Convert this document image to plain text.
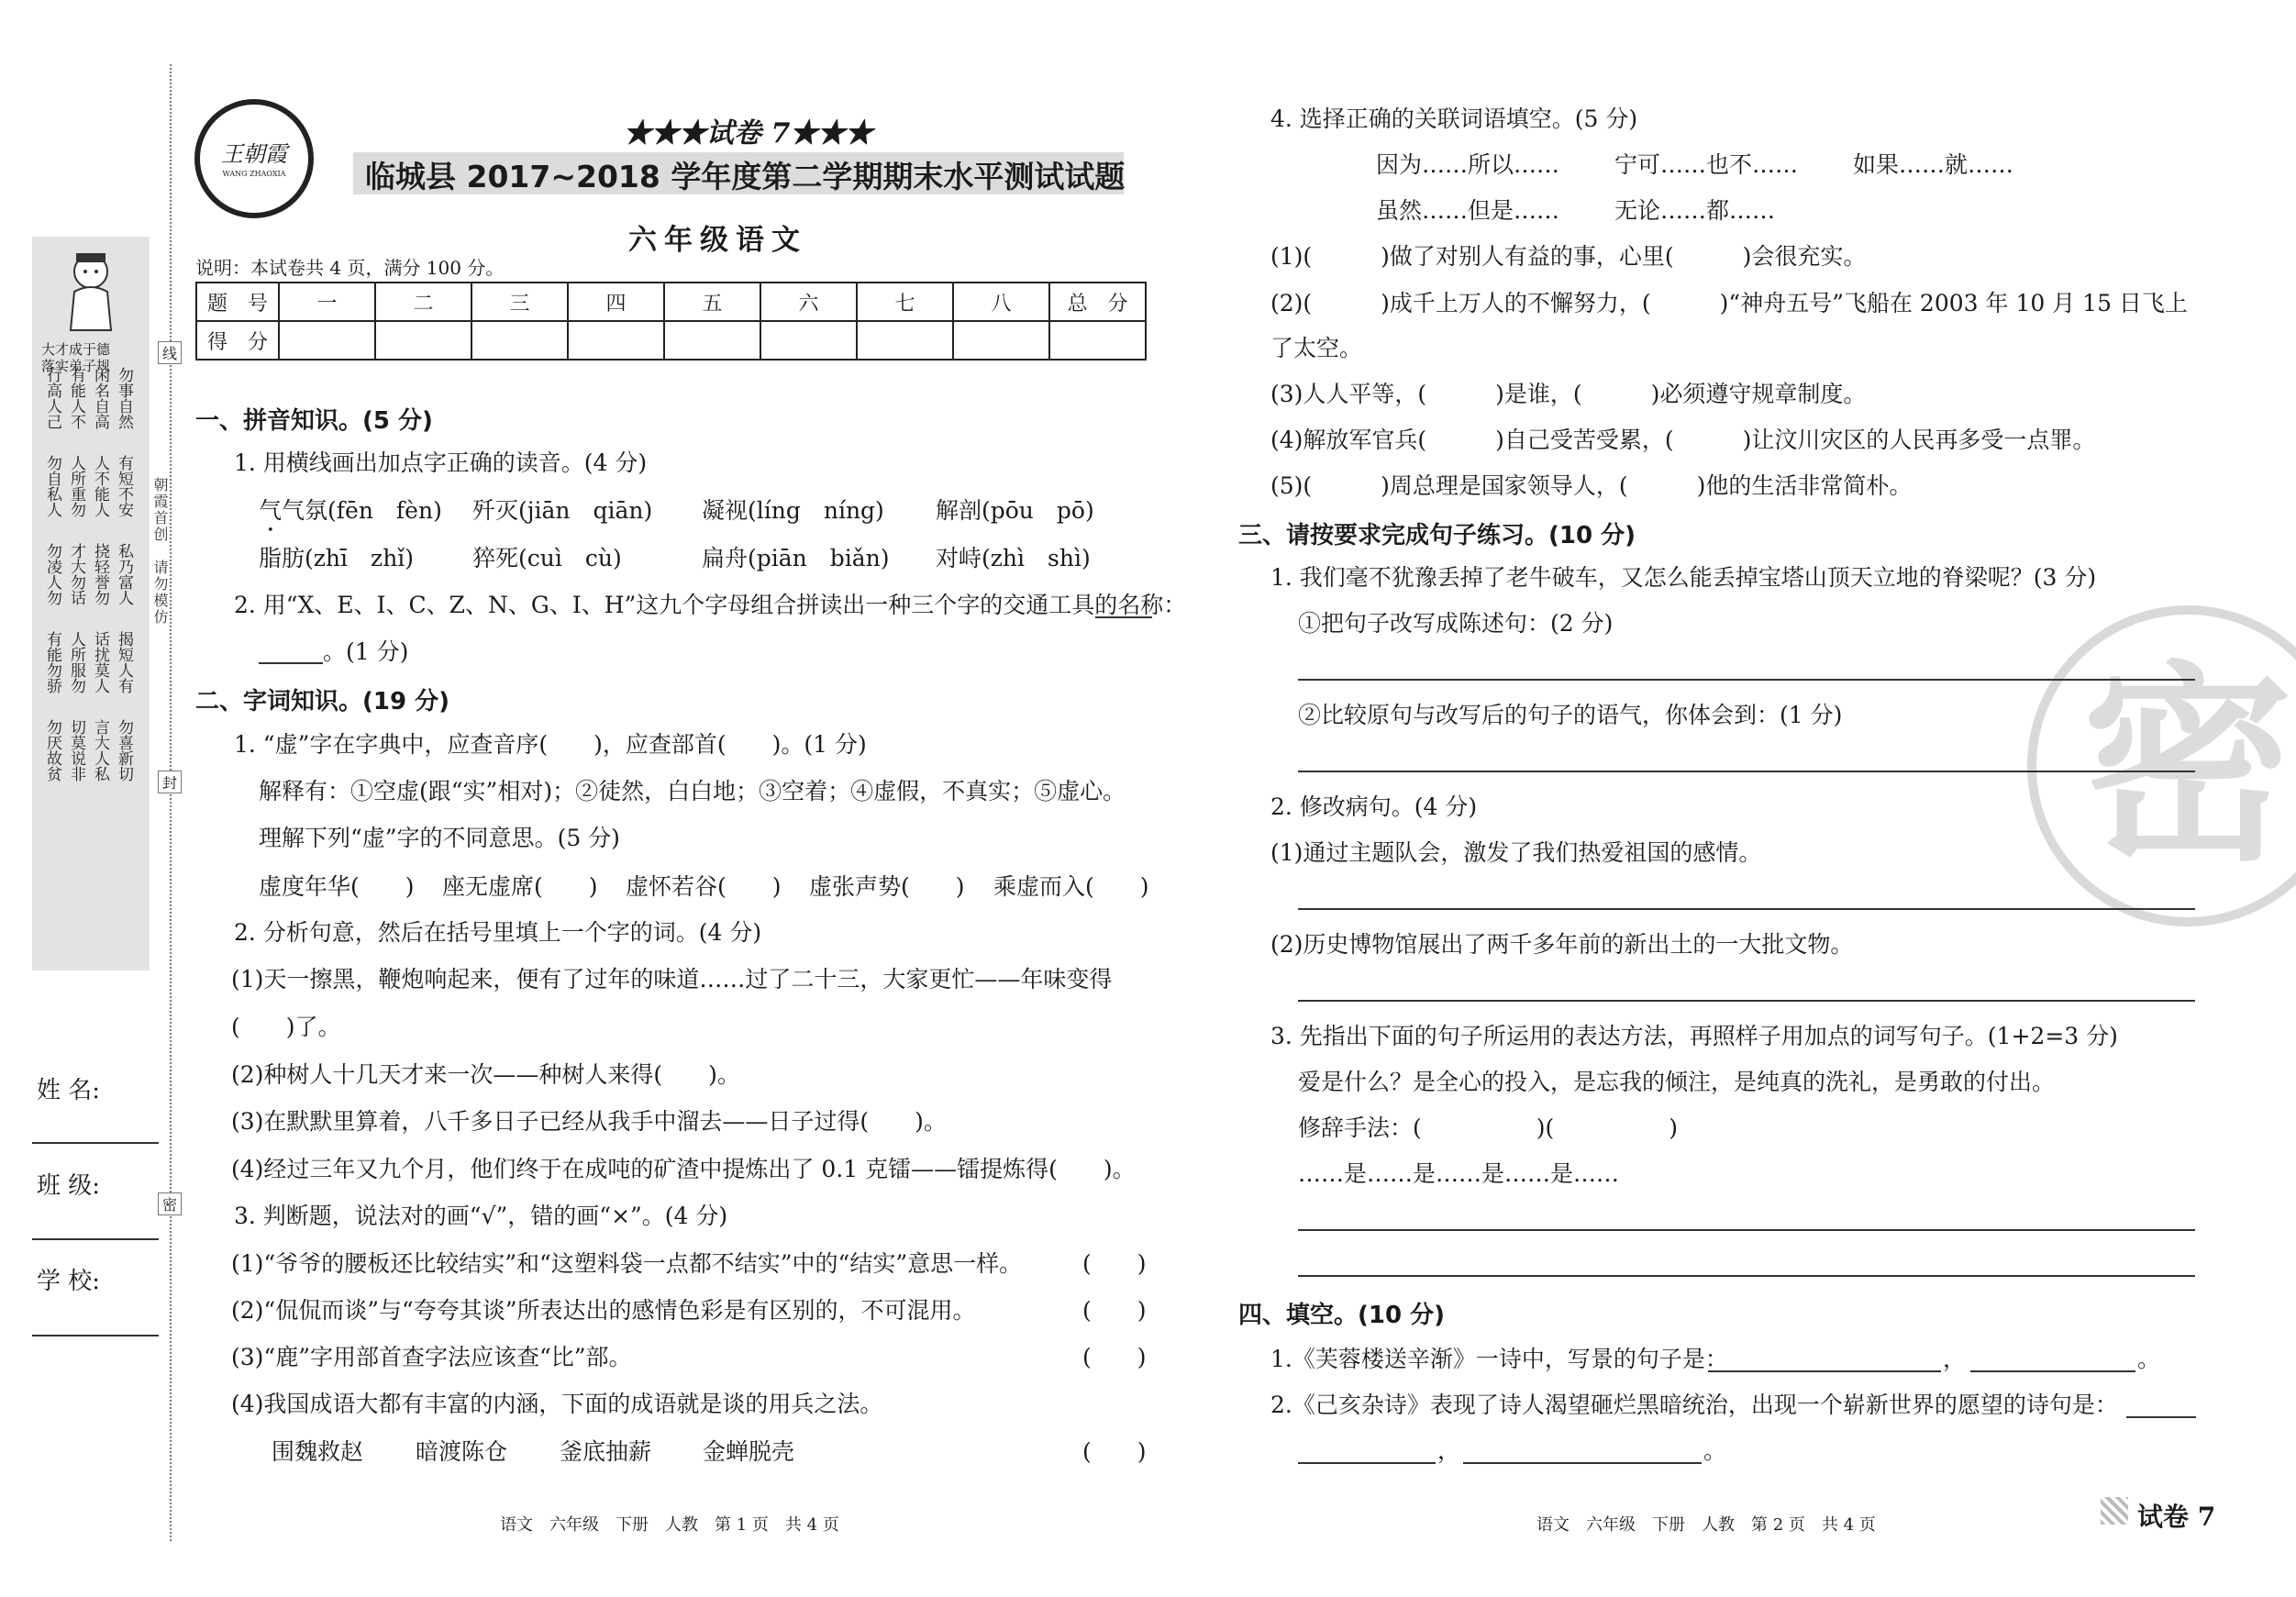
大才成于德
落实弟子规
行高人己 有能人不 闲名自高 勿事自然
勿自私人 人所重勿 人不能人 有短不安
勿凌人勿 才大勿话 挠轻誉勿 私乃富人
有能勿骄 人所服勿 话扰莫人 揭短人有
勿厌故贫 切莫说非 言大人私 勿喜新切
线
封
密
朝霞首创　请勿模仿
姓 名:
班 级:
学 校:
王朝霞
WANG ZHAOXIA
★★★试卷 7★★★
临城县 2017~2018 学年度第二学期期末水平测试试题
六年级语文
说明：本试卷共 4 页，满分 100 分。
题　号	一	二	三	四	五	六	七	八	总　分
得　分									
一、拼音知识。(5 分)
1. 用横线画出加点字正确的读音。(4 分)
气气氛(fēn　fèn) 歼灭(jiān　qiān) 凝视(líng　níng) 解剖(pōu　pō)
脂肪(zhī　zhǐ)	猝死(cuì　cù)	扁舟(piān　biǎn) 对峙(zhì　shì)
2. 用“X、E、I、C、Z、N、G、I、H”这九个字母组合拼读出一种三个字的交通工具的名称：
。(1 分)
二、字词知识。(19 分)
1. “虚”字在字典中，应查音序(　　)，应查部首(　　)。(1 分)
解释有：①空虚(跟“实”相对)；②徒然，白白地；③空着；④虚假，不真实；⑤虚心。
理解下列“虚”字的不同意思。(5 分)
虚度年华(　　) 座无虚席(　　) 虚怀若谷(　　) 虚张声势(　　) 乘虚而入(　　)
2. 分析句意，然后在括号里填上一个字的词。(4 分)
(1)天一擦黑，鞭炮响起来，便有了过年的味道……过了二十三，大家更忙——年味变得
(　　)了。
(2)种树人十几天才来一次——种树人来得(　　)。
(3)在默默里算着，八千多日子已经从我手中溜去——日子过得(　　)。
(4)经过三年又九个月，他们终于在成吨的矿渣中提炼出了 0.1 克镭——镭提炼得(　　)。
3. 判断题，说法对的画“√”，错的画“×”。(4 分)
(1)“爷爷的腰板还比较结实”和“这塑料袋一点都不结实”中的“结实”意思一样。	(　　)
(2)“侃侃而谈”与“夸夸其谈”所表达出的感情色彩是有区别的，不可混用。	(　　)
(3)“鹿”字用部首查字法应该查“比”部。	(　　)
(4)我国成语大都有丰富的内涵，下面的成语就是谈的用兵之法。
围魏救赵 暗渡陈仓 釜底抽薪 金蝉脱壳	(　　)
语文　六年级　下册　人教　第 1 页　共 4 页
密
4. 选择正确的关联词语填空。(5 分)
因为……所以…… 宁可……也不…… 如果……就……
虽然……但是…… 无论……都……
(1)(　　　)做了对别人有益的事，心里(　　　)会很充实。
(2)(　　　)成千上万人的不懈努力，(　　　)“神舟五号”飞船在 2003 年 10 月 15 日飞上
了太空。
(3)人人平等，(　　　)是谁，(　　　)必须遵守规章制度。
(4)解放军官兵(　　　)自己受苦受累，(　　　)让汶川灾区的人民再多受一点罪。
(5)(　　　)周总理是国家领导人，(　　　)他的生活非常简朴。
三、请按要求完成句子练习。(10 分)
1. 我们毫不犹豫丢掉了老牛破车，又怎么能丢掉宝塔山顶天立地的脊梁呢？(3 分)
①把句子改写成陈述句：(2 分)
②比较原句与改写后的句子的语气，你体会到：(1 分)
2. 修改病句。(4 分)
(1)通过主题队会，激发了我们热爱祖国的感情。
(2)历史博物馆展出了两千多年前的新出土的一大批文物。
3. 先指出下面的句子所运用的表达方法，再照样子用加点的词写句子。(1+2=3 分)
爱是什么？是全心的投入，是忘我的倾注，是纯真的洗礼，是勇敢的付出。
修辞手法：(　　　　　)(　　　　　)
……是……是……是……是……
四、填空。(10 分)
1.《芙蓉楼送辛渐》一诗中，写景的句子是：	，	。
2.《己亥杂诗》表现了诗人渴望砸烂黑暗统治，出现一个崭新世界的愿望的诗句是：
，	。
语文　六年级　下册　人教　第 2 页　共 4 页	试卷 7
